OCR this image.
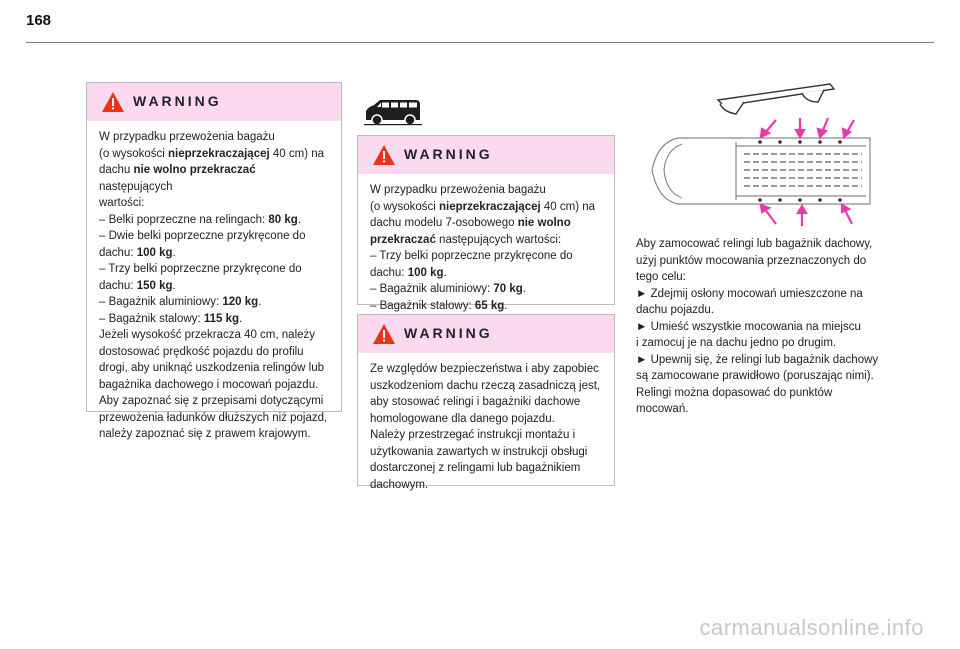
168
WARNING

W przypadku przewożenia bagażu

(o wysokości nieprzekraczającej 40 cm) na

dachu nie wolno przekraczać następujących

wartości:

– Belki poprzeczne na relingach: 80 kg.

– Dwie belki poprzeczne przykręcone do

dachu: 100 kg.

– Trzy belki poprzeczne przykręcone do

dachu: 150 kg.

– Bagażnik aluminiowy: 120 kg.

– Bagażnik stalowy: 115 kg.

Jeżeli wysokość przekracza 40 cm, należy

dostosować prędkość pojazdu do profilu

drogi, aby uniknąć uszkodzenia relingów lub

bagażnika dachowego i mocowań pojazdu.

Aby zapoznać się z przepisami dotyczącymi

przewożenia ładunków dłuższych niż pojazd,

należy zapoznać się z prawem krajowym.

WARNING

W przypadku przewożenia bagażu

(o wysokości nieprzekraczającej 40 cm) na

dachu modelu 7-osobowego nie wolno

przekraczać następujących wartości:

– Trzy belki poprzeczne przykręcone do

dachu: 100 kg.

– Bagażnik aluminiowy: 70 kg.

– Bagażnik stalowy: 65 kg.

WARNING

Ze względów bezpieczeństwa i aby zapobiec

uszkodzeniom dachu rzeczą zasadniczą jest,

aby stosować relingi i bagażniki dachowe

homologowane dla danego pojazdu.

Należy przestrzegać instrukcji montażu i

użytkowania zawartych w instrukcji obsługi

dostarczonej z relingami lub bagażnikiem

dachowym.

Aby zamocować relingi lub bagażnik dachowy,

użyj punktów mocowania przeznaczonych do

tego celu:

► Zdejmij osłony mocowań umieszczone na

dachu pojazdu.

► Umieść wszystkie mocowania na miejscu

i zamocuj je na dachu jedno po drugim.

► Upewnij się, że relingi lub bagażnik dachowy

są zamocowane prawidłowo (poruszając nimi).

Relingi można dopasować do punktów

mocowań.

carmanualsonline.info
